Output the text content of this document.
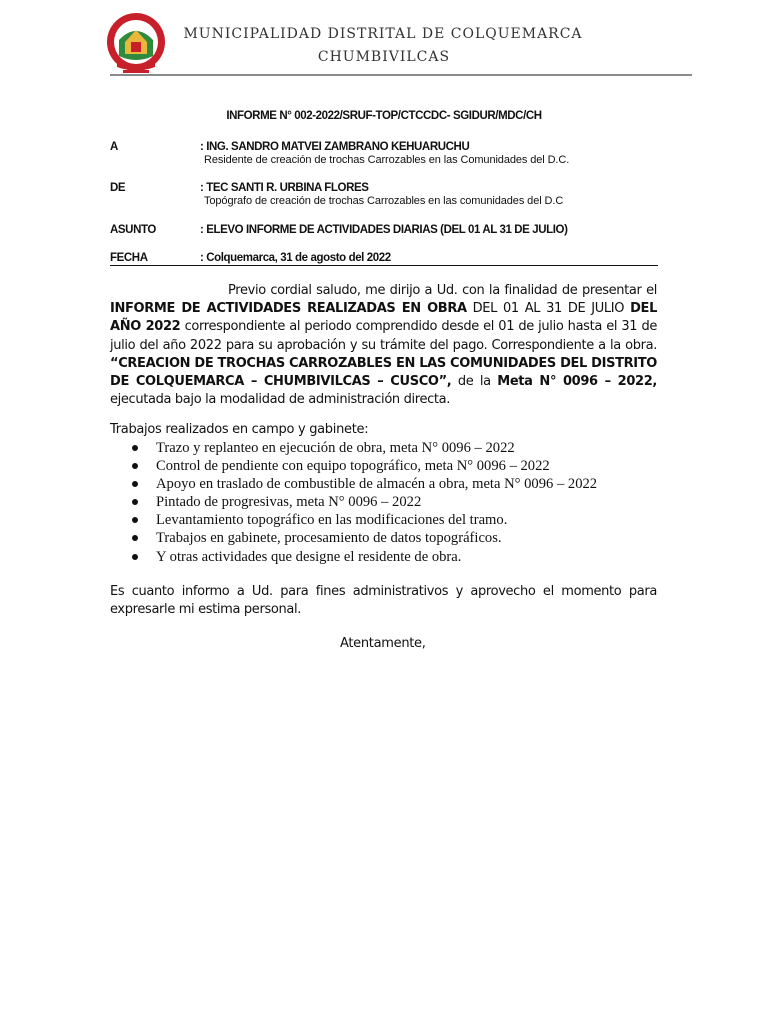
MUNICIPALIDAD DISTRITAL DE COLQUEMARCA
CHUMBIVILCAS
INFORME N° 002-2022/SRUF-TOP/CTCCDC- SGIDUR/MDC/CH
A	: ING. SANDRO MATVEI ZAMBRANO KEHUARUCHU
Residente de creación de trochas Carrozables en las Comunidades del D.C.
DE	: TEC SANTI R. URBINA FLORES
Topógrafo de creación de trochas Carrozables en las comunidades del D.C
ASUNTO	: ELEVO INFORME DE ACTIVIDADES DIARIAS (DEL 01 AL 31 DE JULIO)
FECHA	: Colquemarca, 31 de agosto del 2022
Previo cordial saludo, me dirijo a Ud. con la finalidad de presentar el INFORME DE ACTIVIDADES REALIZADAS EN OBRA DEL 01 AL 31 DE JULIO DEL AÑO 2022 correspondiente al periodo comprendido desde el 01 de julio hasta el 31 de julio del año 2022 para su aprobación y su trámite del pago. Correspondiente a la obra. “CREACION DE TROCHAS CARROZABLES EN LAS COMUNIDADES DEL DISTRITO DE COLQUEMARCA – CHUMBIVILCAS – CUSCO”, de la Meta N° 0096 – 2022, ejecutada bajo la modalidad de administración directa.
Trabajos realizados en campo y gabinete:
Trazo y replanteo en ejecución de obra, meta N° 0096 – 2022
Control de pendiente con equipo topográfico, meta N° 0096 – 2022
Apoyo en traslado de combustible de almacén a obra, meta N° 0096 – 2022
Pintado de progresivas, meta N° 0096 – 2022
Levantamiento topográfico en las modificaciones del tramo.
Trabajos en gabinete, procesamiento de datos topográficos.
Y otras actividades que designe el residente de obra.
Es cuanto informo a Ud. para fines administrativos y aprovecho el momento para expresarle mi estima personal.
Atentamente,
